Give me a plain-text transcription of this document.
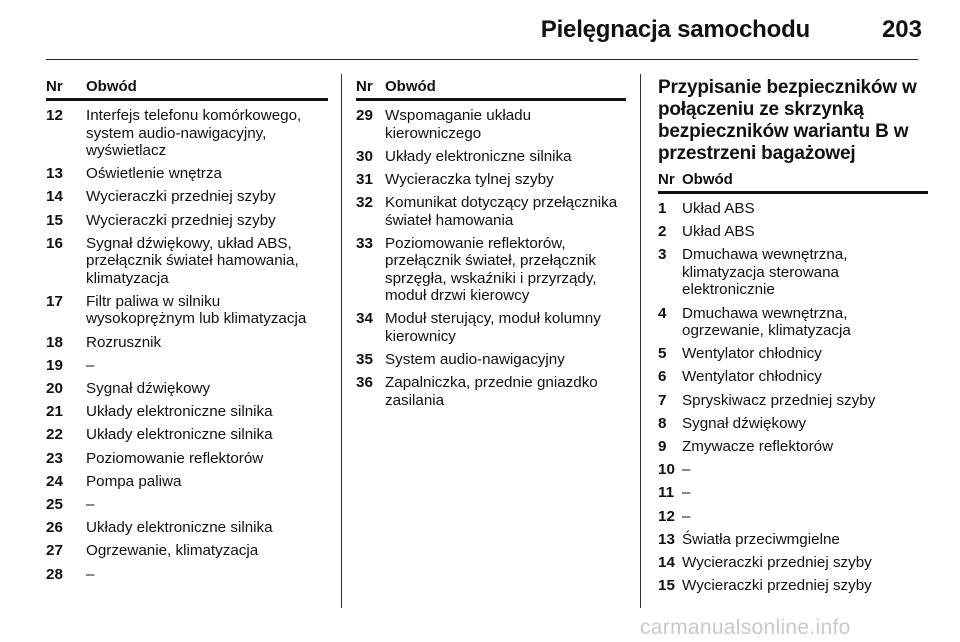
Pielęgnacja samochodu	203
Nr	Obwód
12	Interfejs telefonu komórkowego, system audio-nawigacyjny, wyświetlacz
13	Oświetlenie wnętrza
14	Wycieraczki przedniej szyby
15	Wycieraczki przedniej szyby
16	Sygnał dźwiękowy, układ ABS, przełącznik świateł hamowania, klimatyzacja
17	Filtr paliwa w silniku wysokoprężnym lub klimatyzacja
18	Rozrusznik
19	–
20	Sygnał dźwiękowy
21	Układy elektroniczne silnika
22	Układy elektroniczne silnika
23	Poziomowanie reflektorów
24	Pompa paliwa
25	–
26	Układy elektroniczne silnika
27	Ogrzewanie, klimatyzacja
28	–
Nr Obwód
29 Wspomaganie układu kierowniczego
30 Układy elektroniczne silnika
31 Wycieraczka tylnej szyby
32 Komunikat dotyczący przełącznika świateł hamowania
33 Poziomowanie reflektorów, przełącznik świateł, przełącznik sprzęgła, wskaźniki i przyrządy, moduł drzwi kierowcy
34 Moduł sterujący, moduł kolumny kierownicy
35 System audio-nawigacyjny
36 Zapalniczka, przednie gniazdko zasilania
Przypisanie bezpieczników w połączeniu ze skrzynką bezpieczników wariantu B w przestrzeni bagażowej
Nr Obwód
1	Układ ABS
2	Układ ABS
3	Dmuchawa wewnętrzna, klimatyzacja sterowana elektronicznie
4	Dmuchawa wewnętrzna, ogrzewanie, klimatyzacja
5	Wentylator chłodnicy
6	Wentylator chłodnicy
7	Spryskiwacz przedniej szyby
8	Sygnał dźwiękowy
9	Zmywacze reflektorów
10 –
11 –
12 –
13 Światła przeciwmgielne
14 Wycieraczki przedniej szyby
15 Wycieraczki przedniej szyby
carmanualsonline.info
